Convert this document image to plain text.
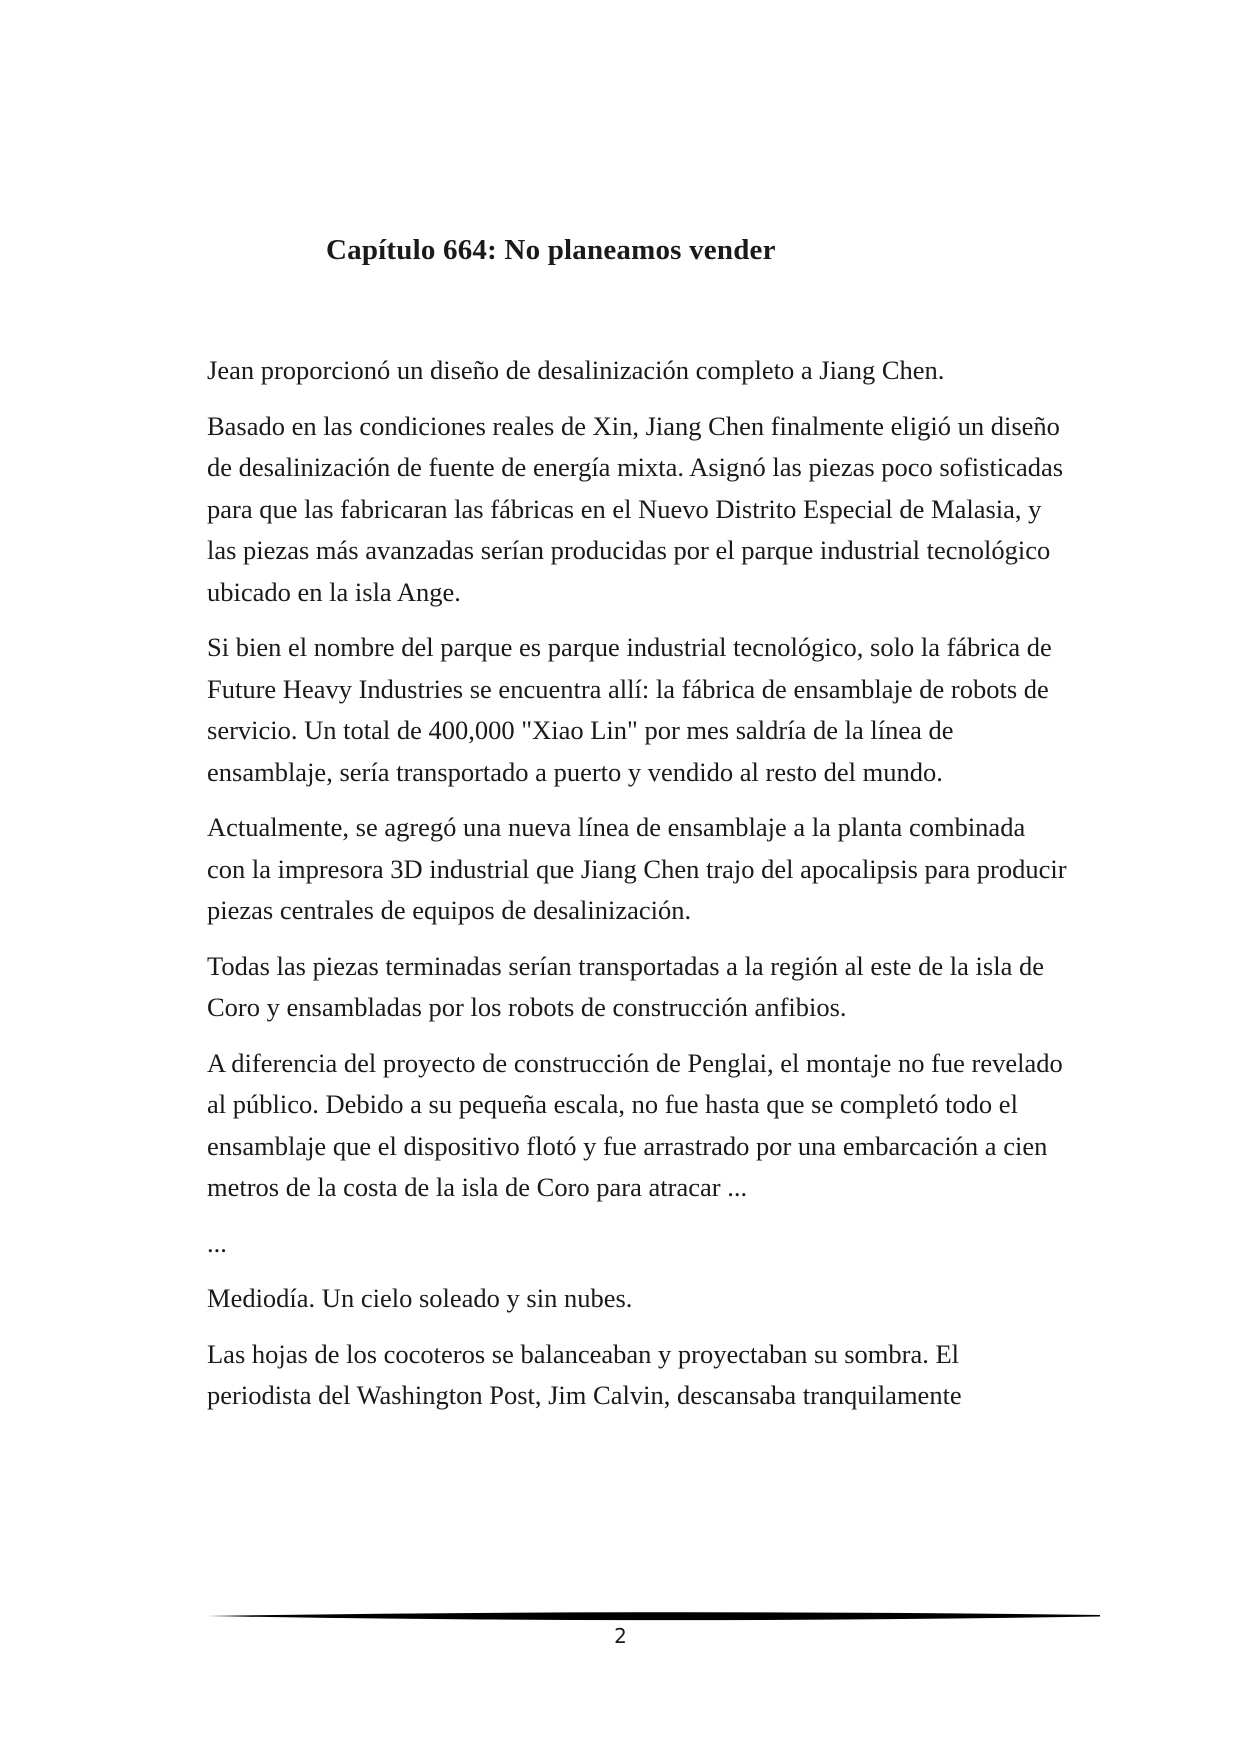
Capítulo 664: No planeamos vender

Jean proporcionó un diseño de desalinización completo a Jiang Chen.

Basado en las condiciones reales de Xin, Jiang Chen finalmente eligió un diseño de desalinización de fuente de energía mixta. Asignó las piezas poco sofisticadas para que las fabricaran las fábricas en el Nuevo Distrito Especial de Malasia, y las piezas más avanzadas serían producidas por el parque industrial tecnológico ubicado en la isla Ange.

Si bien el nombre del parque es parque industrial tecnológico, solo la fábrica de Future Heavy Industries se encuentra allí: la fábrica de ensamblaje de robots de servicio. Un total de 400,000 "Xiao Lin" por mes saldría de la línea de ensamblaje, sería transportado a puerto y vendido al resto del mundo.

Actualmente, se agregó una nueva línea de ensamblaje a la planta combinada con la impresora 3D industrial que Jiang Chen trajo del apocalipsis para producir piezas centrales de equipos de desalinización.

Todas las piezas terminadas serían transportadas a la región al este de la isla de Coro y ensambladas por los robots de construcción anfibios.

A diferencia del proyecto de construcción de Penglai, el montaje no fue revelado al público. Debido a su pequeña escala, no fue hasta que se completó todo el ensamblaje que el dispositivo flotó y fue arrastrado por una embarcación a cien metros de la costa de la isla de Coro para atracar ...

...

Mediodía. Un cielo soleado y sin nubes.

Las hojas de los cocoteros se balanceaban y proyectaban su sombra. El periodista del Washington Post, Jim Calvin, descansaba tranquilamente

2
